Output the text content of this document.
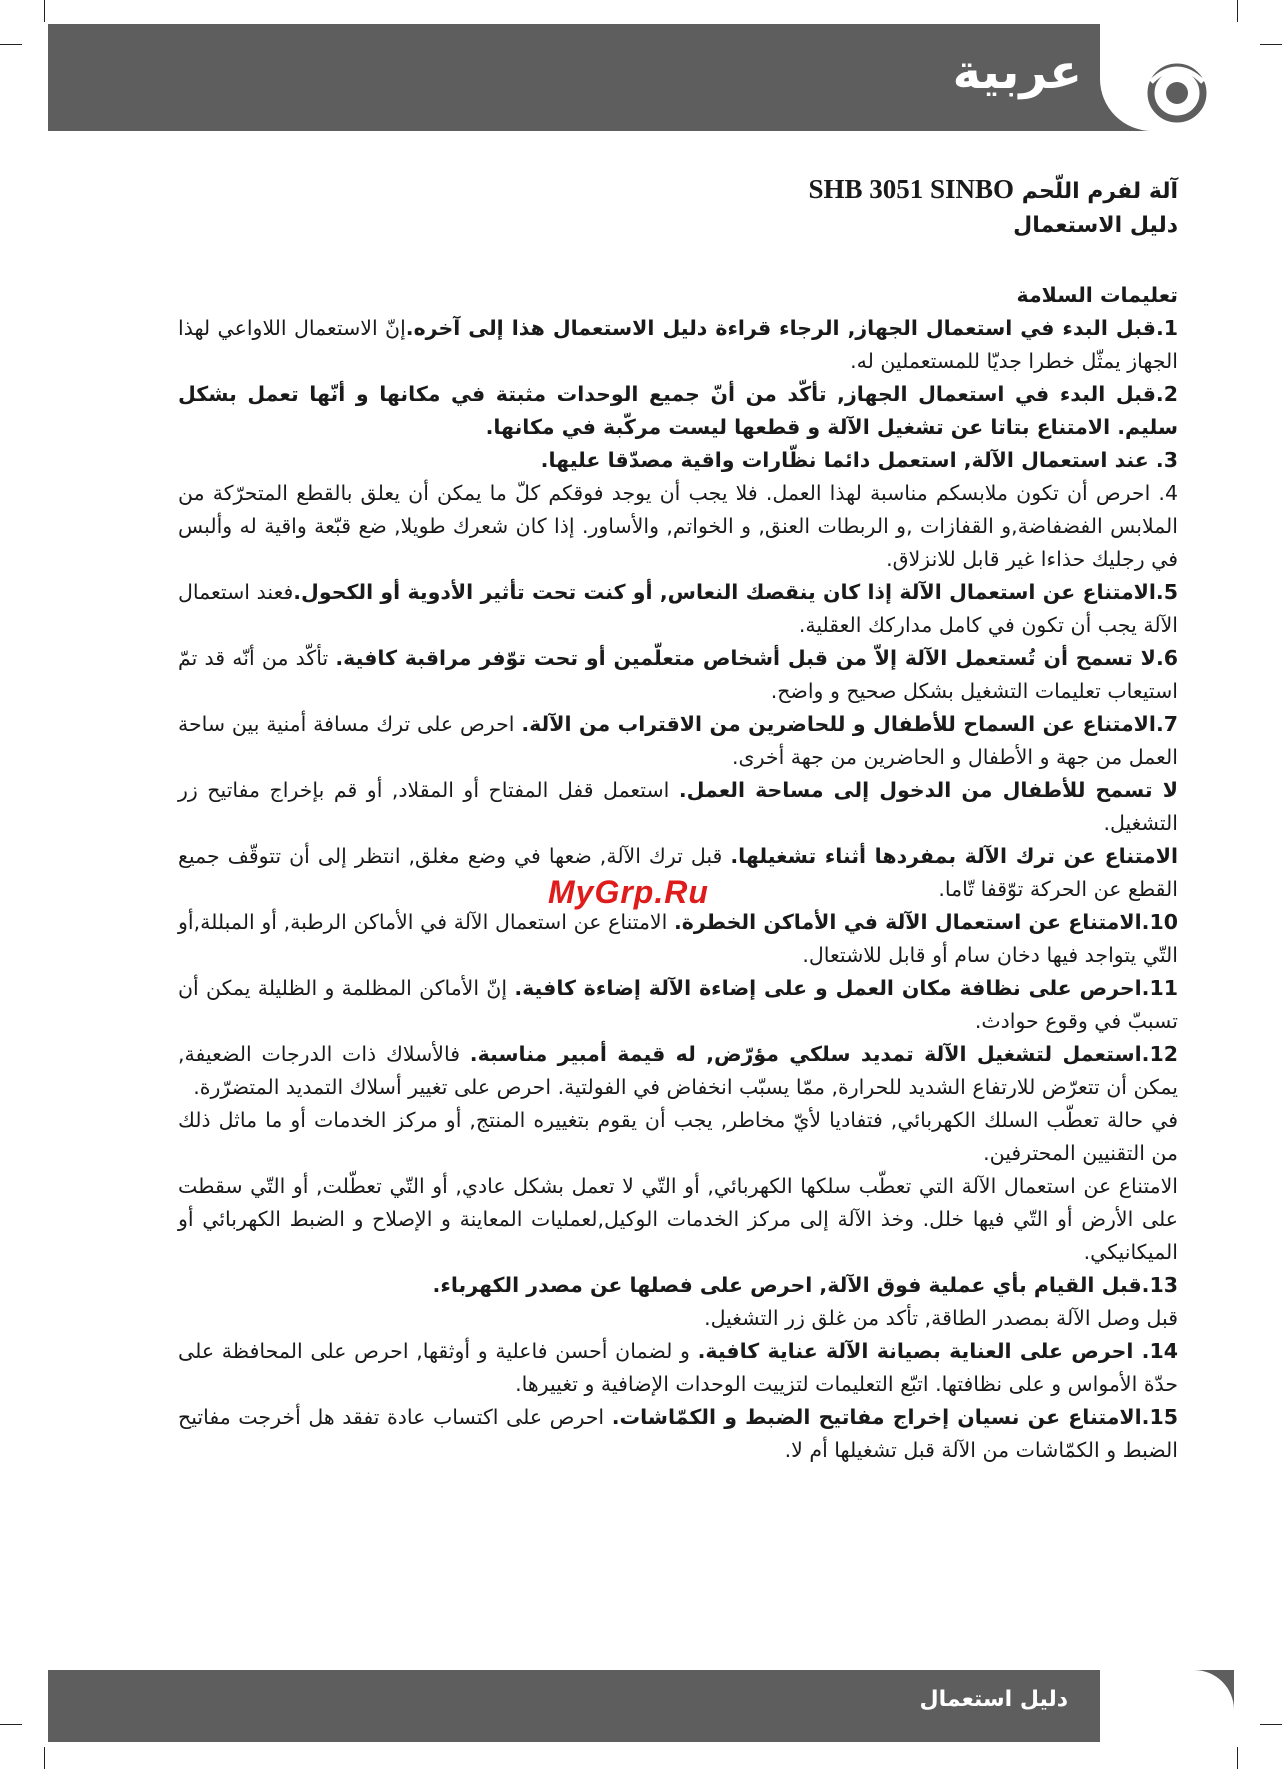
عربية

آلة لفرم اللّحم SHB 3051 SINBO

دليل الاستعمال

تعليمات السلامة

1.قبل البدء في استعمال الجهاز, الرجاء قراءة دليل الاستعمال هذا إلى آخره.إنّ الاستعمال اللاواعي لهذا الجهاز يمثّل خطرا جديّا للمستعملين له.

2.قبل البدء في استعمال الجهاز, تأكّد من أنّ جميع الوحدات مثبتة في مكانها و أنّها تعمل بشكل سليم. الامتناع بتاتا عن تشغيل الآلة و قطعها ليست مركّبة في مكانها.

3. عند استعمال الآلة, استعمل دائما نظّارات واقية مصدّقا عليها.

4. احرص أن تكون ملابسكم مناسبة لهذا العمل. فلا يجب أن يوجد فوقكم كلّ ما يمكن أن يعلق بالقطع المتحرّكة من الملابس الفضفاضة,و القفازات ,و الربطات العنق, و الخواتم, والأساور. إذا كان شعرك طويلا, ضع قبّعة واقية له وألبس في رجليك حذاءا غير قابل للانزلاق.

5.الامتناع عن استعمال الآلة إذا كان ينقصك النعاس, أو كنت تحت تأثير الأدوية أو الكحول.فعند استعمال الآلة يجب أن تكون في كامل مداركك العقلية.

6.لا تسمح أن تُستعمل الآلة إلاّ من قبل أشخاص متعلّمين أو تحت توّفر مراقبة كافية. تأكّد من أنّه قد تمّ استيعاب تعليمات التشغيل بشكل صحيح و واضح.

7.الامتناع عن السماح للأطفال و للحاضرين من الاقتراب من الآلة. احرص على ترك مسافة أمنية بين ساحة العمل من جهة و الأطفال و الحاضرين من جهة أخرى.

لا تسمح للأطفال من الدخول إلى مساحة العمل. استعمل قفل المفتاح أو المقلاد, أو قم بإخراج مفاتيح زر التشغيل.

الامتناع عن ترك الآلة بمفردها أثناء تشغيلها. قبل ترك الآلة, ضعها في وضع مغلق, انتظر إلى أن تتوقّف جميع القطع عن الحركة توّقفا تّاما.

10.الامتناع عن استعمال الآلة في الأماكن الخطرة. الامتناع عن استعمال الآلة في الأماكن الرطبة, أو المبللة,أو التّي يتواجد فيها دخان سام أو قابل للاشتعال.

11.احرص على نظافة مكان العمل و على إضاءة الآلة إضاءة كافية. إنّ الأماكن المظلمة و الظليلة يمكن أن تسببّ في وقوع حوادث.

12.استعمل لتشغيل الآلة تمديد سلكي مؤرّض, له قيمة أمبير مناسبة. فالأسلاك ذات الدرجات الضعيفة, يمكن أن تتعرّض للارتفاع الشديد للحرارة, ممّا يسبّب انخفاض في الفولتية. احرص على تغيير أسلاك التمديد المتضرّرة.

في حالة تعطّب السلك الكهربائي, فتفاديا لأيّ مخاطر, يجب أن يقوم بتغييره المنتج, أو مركز الخدمات أو ما ماثل ذلك من التقنيين المحترفين.

الامتناع عن استعمال الآلة التي تعطّب سلكها الكهربائي, أو التّي لا تعمل بشكل عادي, أو التّي تعطّلت, أو التّي سقطت على الأرض أو التّي فيها خلل. وخذ الآلة إلى مركز الخدمات الوكيل,لعمليات المعاينة و الإصلاح و الضبط الكهربائي أو الميكانيكي.

13.قبل القيام بأي عملية فوق الآلة, احرص على فصلها عن مصدر الكهرباء.

قبل وصل الآلة بمصدر الطاقة, تأكد من غلق زر التشغيل.

14. احرص على العناية بصيانة الآلة عناية كافية. و لضمان أحسن فاعلية و أوثقها, احرص على المحافظة على حدّة الأمواس و على نظافتها. اتبّع التعليمات لتزييت الوحدات الإضافية و تغييرها.

15.الامتناع عن نسيان إخراج مفاتيح الضبط و الكمّاشات. احرص على اكتساب عادة تفقد هل أخرجت مفاتيح الضبط و الكمّاشات من الآلة قبل تشغيلها أم لا.

MyGrp.Ru
دليل استعمال
